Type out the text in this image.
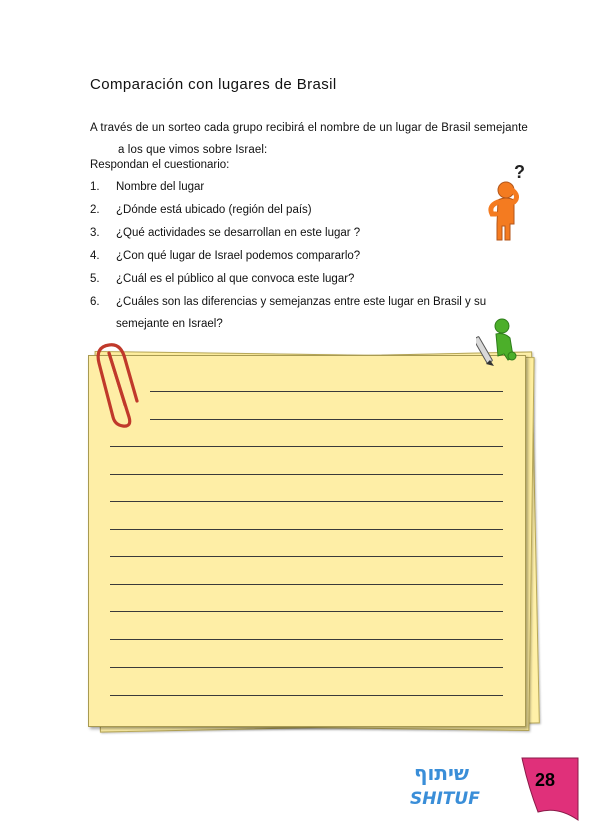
Comparación con lugares de Brasil
A través de un sorteo cada grupo recibirá el nombre de un lugar de Brasil semejante
a los que vimos sobre Israel:
Respondan el cuestionario:
1.	Nombre del lugar
2.	¿Dónde está ubicado (región del país)
3.	¿Qué actividades se desarrollan en este lugar ?
4.	¿Con qué lugar de Israel podemos compararlo?
5.	¿Cuál es el público al que convoca este lugar?
6.	¿Cuáles son las diferencias y semejanzas entre este lugar en Brasil y su semejante en Israel?
?
שיתוף
SHITUF
28
